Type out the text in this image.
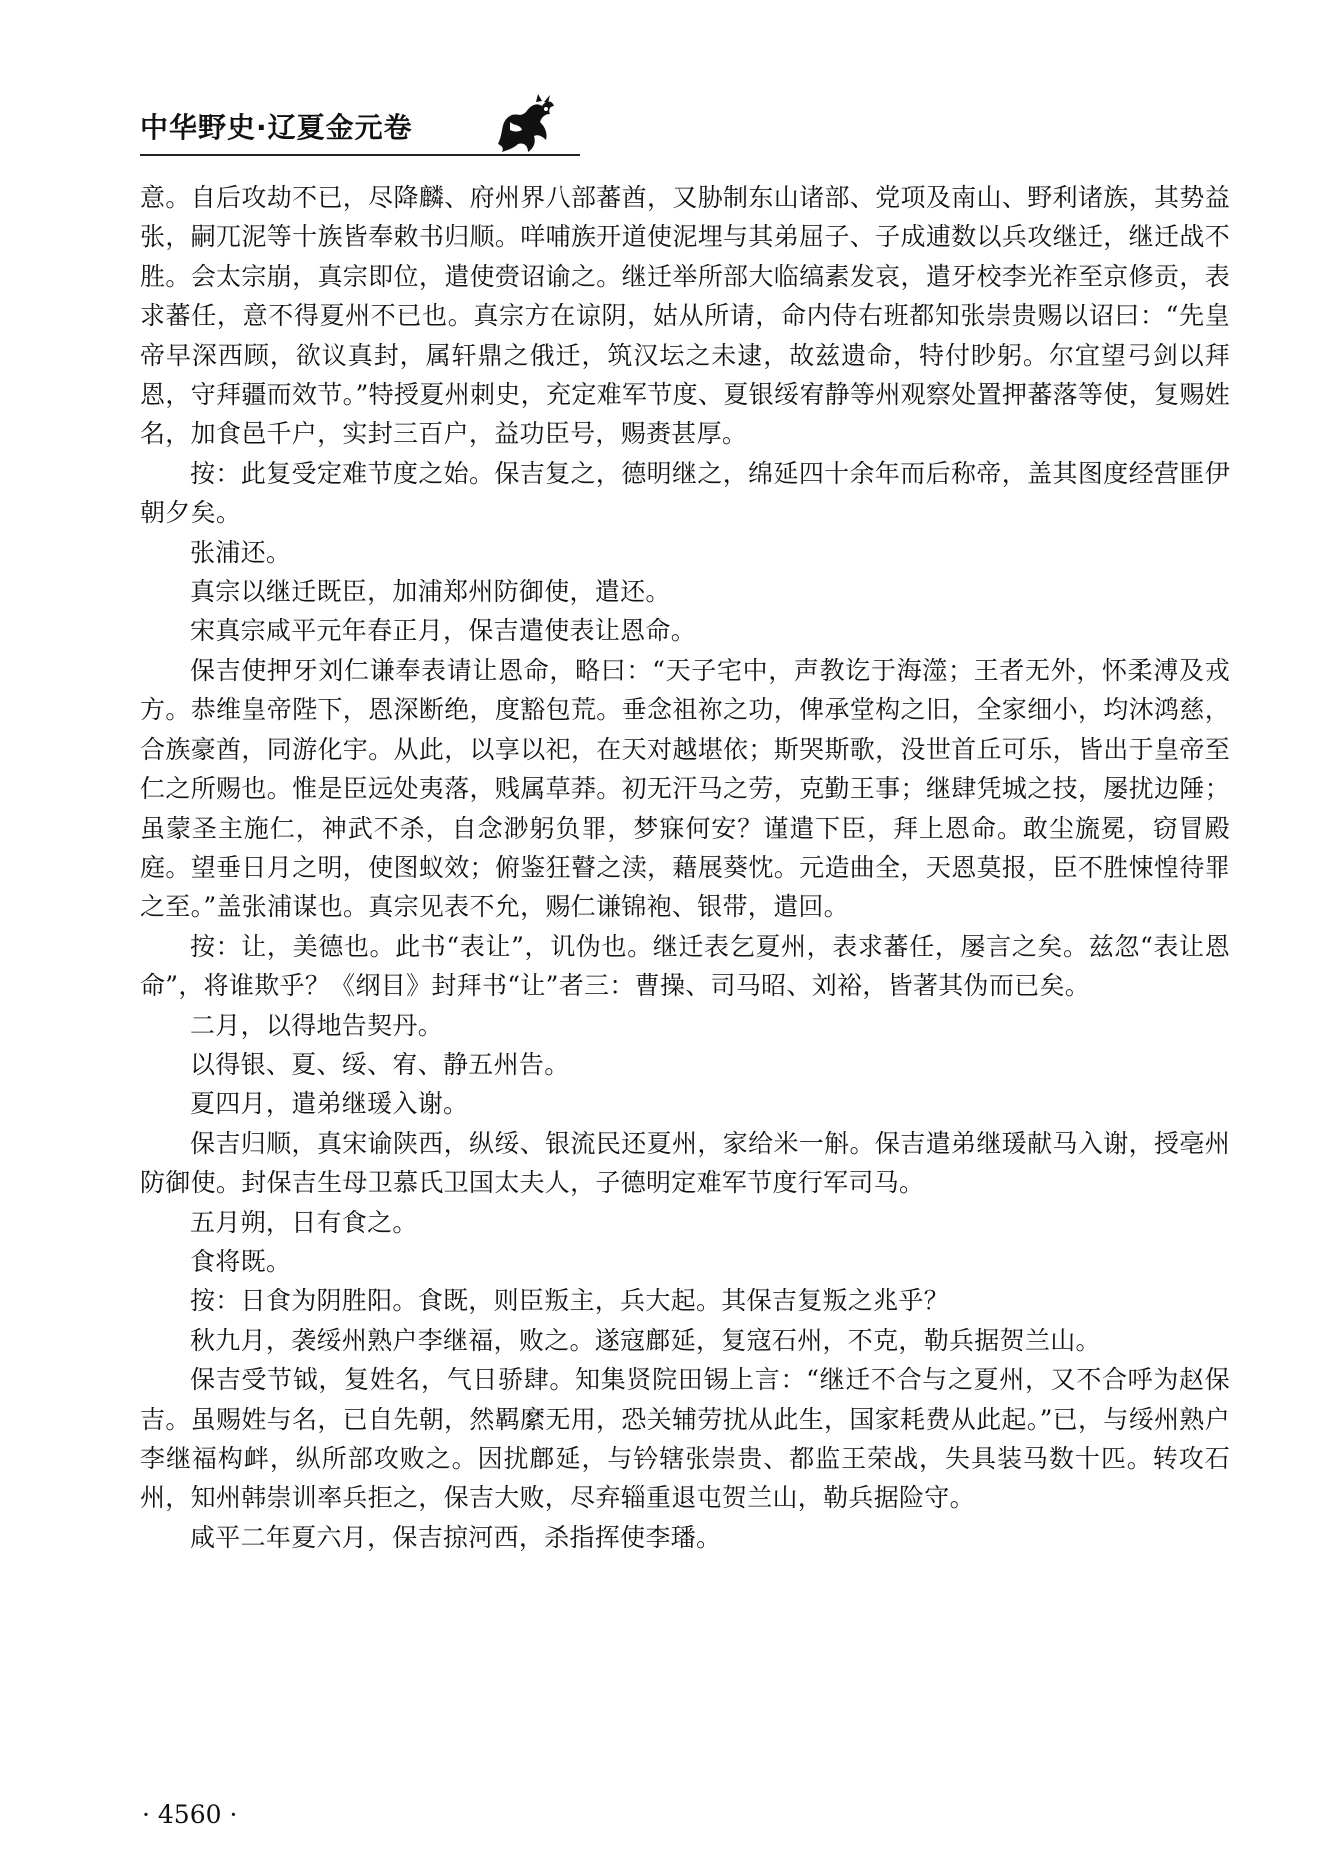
中华野史·辽夏金元卷

意。自后攻劫不已，尽降麟、府州界八部蕃酋，又胁制东山诸部、党项及南山、野利诸族，其势益张，嗣兀泥等十族皆奉敕书归顺。咩哺族开道使泥埋与其弟屈子、子成逋数以兵攻继迁，继迁战不胜。会太宗崩，真宗即位，遣使赍诏谕之。继迁举所部大临缟素发哀，遣牙校李光祚至京修贡，表求蕃任，意不得夏州不已也。真宗方在谅阴，姑从所请，命内侍右班都知张崇贵赐以诏曰：“先皇帝早深西顾，欲议真封，属轩鼎之俄迁，筑汉坛之未逮，故兹遗命，特付眇躬。尔宜望弓剑以拜恩，守拜疆而效节。”特授夏州刺史，充定难军节度、夏银绥宥静等州观察处置押蕃落等使，复赐姓名，加食邑千户，实封三百户，益功臣号，赐赉甚厚。

按：此复受定难节度之始。保吉复之，德明继之，绵延四十余年而后称帝，盖其图度经营匪伊朝夕矣。

张浦还。

真宗以继迁既臣，加浦郑州防御使，遣还。

宋真宗咸平元年春正月，保吉遣使表让恩命。

保吉使押牙刘仁谦奉表请让恩命，略曰：“天子宅中，声教讫于海澨；王者无外，怀柔溥及戎方。恭维皇帝陛下，恩深断绝，度豁包荒。垂念祖祢之功，俾承堂构之旧，全家细小，均沐鸿慈，合族豪酋，同游化宇。从此，以享以祀，在天对越堪依；斯哭斯歌，没世首丘可乐，皆出于皇帝至仁之所赐也。惟是臣远处夷落，贱属草莽。初无汗马之劳，克勤王事；继肆凭城之技，屡扰边陲；虽蒙圣主施仁，神武不杀，自念渺躬负罪，梦寐何安？谨遣下臣，拜上恩命。敢尘旒冕，窃冒殿庭。望垂日月之明，使图蚁效；俯鉴狂瞽之渎，藉展葵忱。元造曲全，天恩莫报，臣不胜悚惶待罪之至。”盖张浦谋也。真宗见表不允，赐仁谦锦袍、银带，遣回。

按：让，美德也。此书“表让”，讥伪也。继迁表乞夏州，表求蕃任，屡言之矣。兹忽“表让恩命”，将谁欺乎？《纲目》封拜书“让”者三：曹操、司马昭、刘裕，皆著其伪而已矣。

二月，以得地告契丹。

以得银、夏、绥、宥、静五州告。

夏四月，遣弟继瑗入谢。

保吉归顺，真宋谕陕西，纵绥、银流民还夏州，家给米一斛。保吉遣弟继瑗献马入谢，授亳州防御使。封保吉生母卫慕氏卫国太夫人，子德明定难军节度行军司马。

五月朔，日有食之。

食将既。

按：日食为阴胜阳。食既，则臣叛主，兵大起。其保吉复叛之兆乎？

秋九月，袭绥州熟户李继福，败之。遂寇鄜延，复寇石州，不克，勒兵据贺兰山。

保吉受节钺，复姓名，气日骄肆。知集贤院田锡上言：“继迁不合与之夏州，又不合呼为赵保吉。虽赐姓与名，已自先朝，然羁縻无用，恐关辅劳扰从此生，国家耗费从此起。”已，与绥州熟户李继福构衅，纵所部攻败之。因扰鄜延，与钤辖张崇贵、都监王荣战，失具装马数十匹。转攻石州，知州韩崇训率兵拒之，保吉大败，尽弃辎重退屯贺兰山，勒兵据险守。

咸平二年夏六月，保吉掠河西，杀指挥使李璠。

· 4560 ·
